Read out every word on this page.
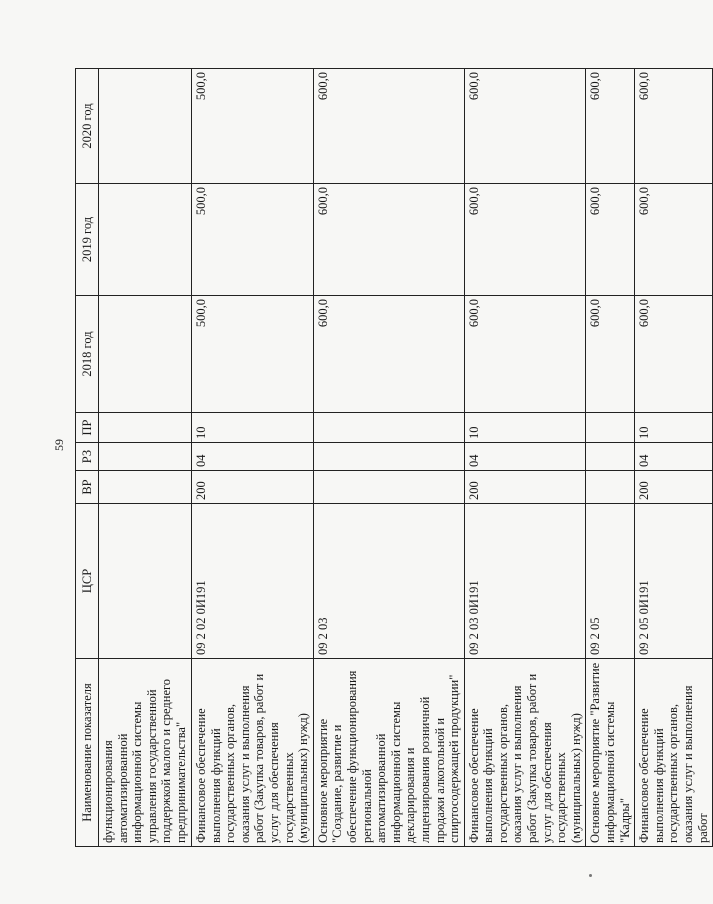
59
Наименование показателя	ЦСР	ВР	РЗ	ПР	2018 год	2019 год	2020 год
функционирования автоматизированной информационной системы управления государственной поддержкой малого и среднего предпринимательства"							
Финансовое обеспечение выполнения функций государственных органов, оказания услуг и выполнения работ (Закупка товаров, работ и услуг для обеспечения государственных (муниципальных) нужд)	09 2 02 0И191	200	04	10	500,0	500,0	500,0
Основное мероприятие "Создание, развитие и обеспечение функционирования региональной автоматизированной информационной системы декларирования и лицензирования розничной продажи алкогольной и спиртосодержащей продукции"	09 2 03				600,0	600,0	600,0
Финансовое обеспечение выполнения функций государственных органов, оказания услуг и выполнения работ (Закупка товаров, работ и услуг для обеспечения государственных (муниципальных) нужд)	09 2 03 0И191	200	04	10	600,0	600,0	600,0
Основное мероприятие "Развитие информационной системы "Кадры"	09 2 05				600,0	600,0	600,0
Финансовое обеспечение выполнения функций государственных органов, оказания услуг и выполнения работ	09 2 05 0И191	200	04	10	600,0	600,0	600,0
